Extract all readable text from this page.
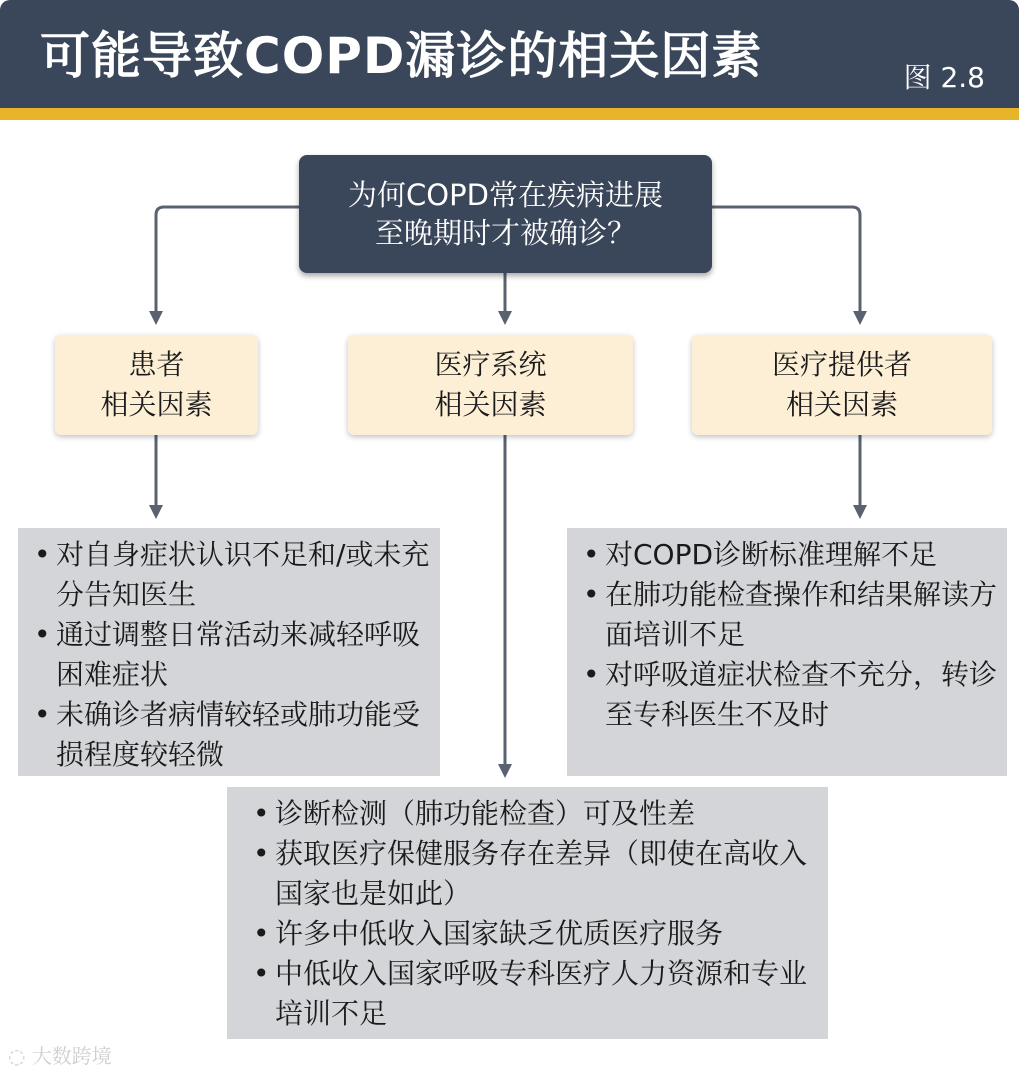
可能导致COPD漏诊的相关因素	图 2.8
为何COPD常在疾病进展
至晚期时才被确诊？
患者
相关因素
医疗系统
相关因素
医疗提供者
相关因素
• 对自身症状认识不足和/或未充分告知医生
• 通过调整日常活动来减轻呼吸困难症状
• 未确诊者病情较轻或肺功能受损程度较轻微
• 对COPD诊断标准理解不足
• 在肺功能检查操作和结果解读方面培训不足
• 对呼吸道症状检查不充分，转诊至专科医生不及时
• 诊断检测（肺功能检查）可及性差
• 获取医疗保健服务存在差异（即使在高收入国家也是如此）
• 许多中低收入国家缺乏优质医疗服务
• 中低收入国家呼吸专科医疗人力资源和专业培训不足
◌ 大数跨境
